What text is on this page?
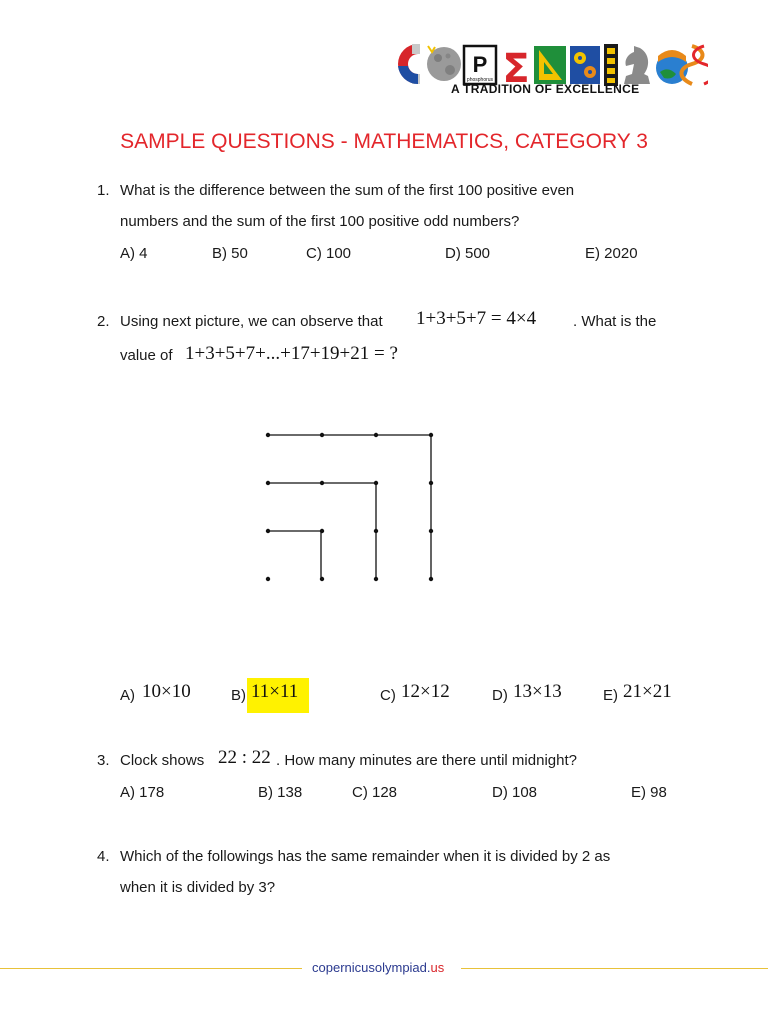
P
phosphorus Σ
A TRADITION OF EXCELLENCE
SAMPLE QUESTIONS - MATHEMATICS, CATEGORY 3
1. What is the difference between the sum of the first 100 positive even
numbers and the sum of the first 100 positive odd numbers?
A) 4	B) 50	C) 100	D) 500	E) 2020
2. Using next picture, we can observe that 1+3+5+7 = 4×4 . What is the
value of 1+3+5+7+...+17+19+21 = ?
A) 10×10	B) 11×11	C) 12×12	D) 13×13	E) 21×21
3. Clock shows 22 : 22 . How many minutes are there until midnight?
A) 178	B) 138	C) 128	D) 108	E) 98
4. Which of the followings has the same remainder when it is divided by 2 as
when it is divided by 3?
copernicusolympiad.us
